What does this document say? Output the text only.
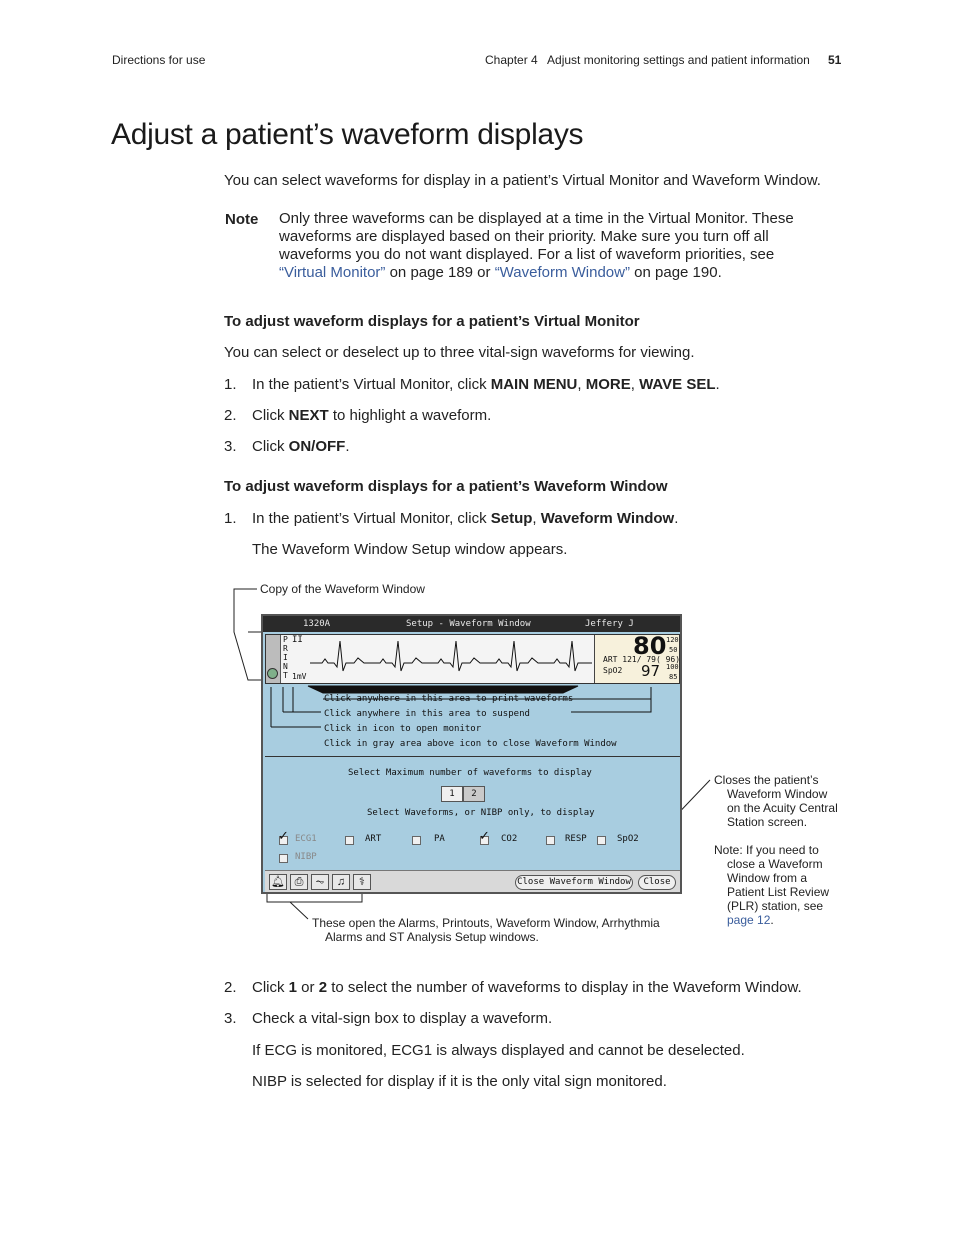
Directions for use	Chapter 4   Adjust monitoring settings and patient information 51
Adjust a patient’s waveform displays

You can select waveforms for display in a patient’s Virtual Monitor and Waveform Window.

Note Only three waveforms can be displayed at a time in the Virtual Monitor. These
waveforms are displayed based on their priority. Make sure you turn off all
waveforms you do not want displayed. For a list of waveform priorities, see
“Virtual Monitor” on page 189 or “Waveform Window” on page 190.
To adjust waveform displays for a patient’s Virtual Monitor

You can select or deselect up to three vital-sign waveforms for viewing.

1. In the patient’s Virtual Monitor, click MAIN MENU, MORE, WAVE SEL.
2. Click NEXT to highlight a waveform.
3. Click ON/OFF.
To adjust waveform displays for a patient’s Waveform Window
1. In the patient’s Virtual Monitor, click Setup, Waveform Window.

The Waveform Window Setup window appears.

Copy of the Waveform Window
Closes the patient’s
Waveform Window
on the Acuity Central
Station screen.
Note: If you need to
close a Waveform
Window from a
Patient List Review
(PLR) station, see
page 12.
These open the Alarms, Printouts, Waveform Window, Arrhythmia
Alarms and ST Analysis Setup windows.
1320A	Setup - Waveform Window	Jeffery J
P
R
I
N
T
II
1mV
80 120
50
ART 121/ 79( 96)
SpO2 97 100
85
Click anywhere in this area to print waveforms
Click anywhere in this area to suspend
Click in icon to open monitor
Click in gray area above icon to close Waveform Window
Select Maximum number of waveforms to display
1	2
Select Waveforms, or NIBP only, to display
✓ ECG1	ART	PA	✓ CO2	RESP	SpO2
NIBP
🔔︎ ⎙	⏦	♫	⚕	Close Waveform Window	Close
2. Click 1 or 2 to select the number of waveforms to display in the Waveform Window.
3. Check a vital-sign box to display a waveform.

If ECG is monitored, ECG1 is always displayed and cannot be deselected.

NIBP is selected for display if it is the only vital sign monitored.
